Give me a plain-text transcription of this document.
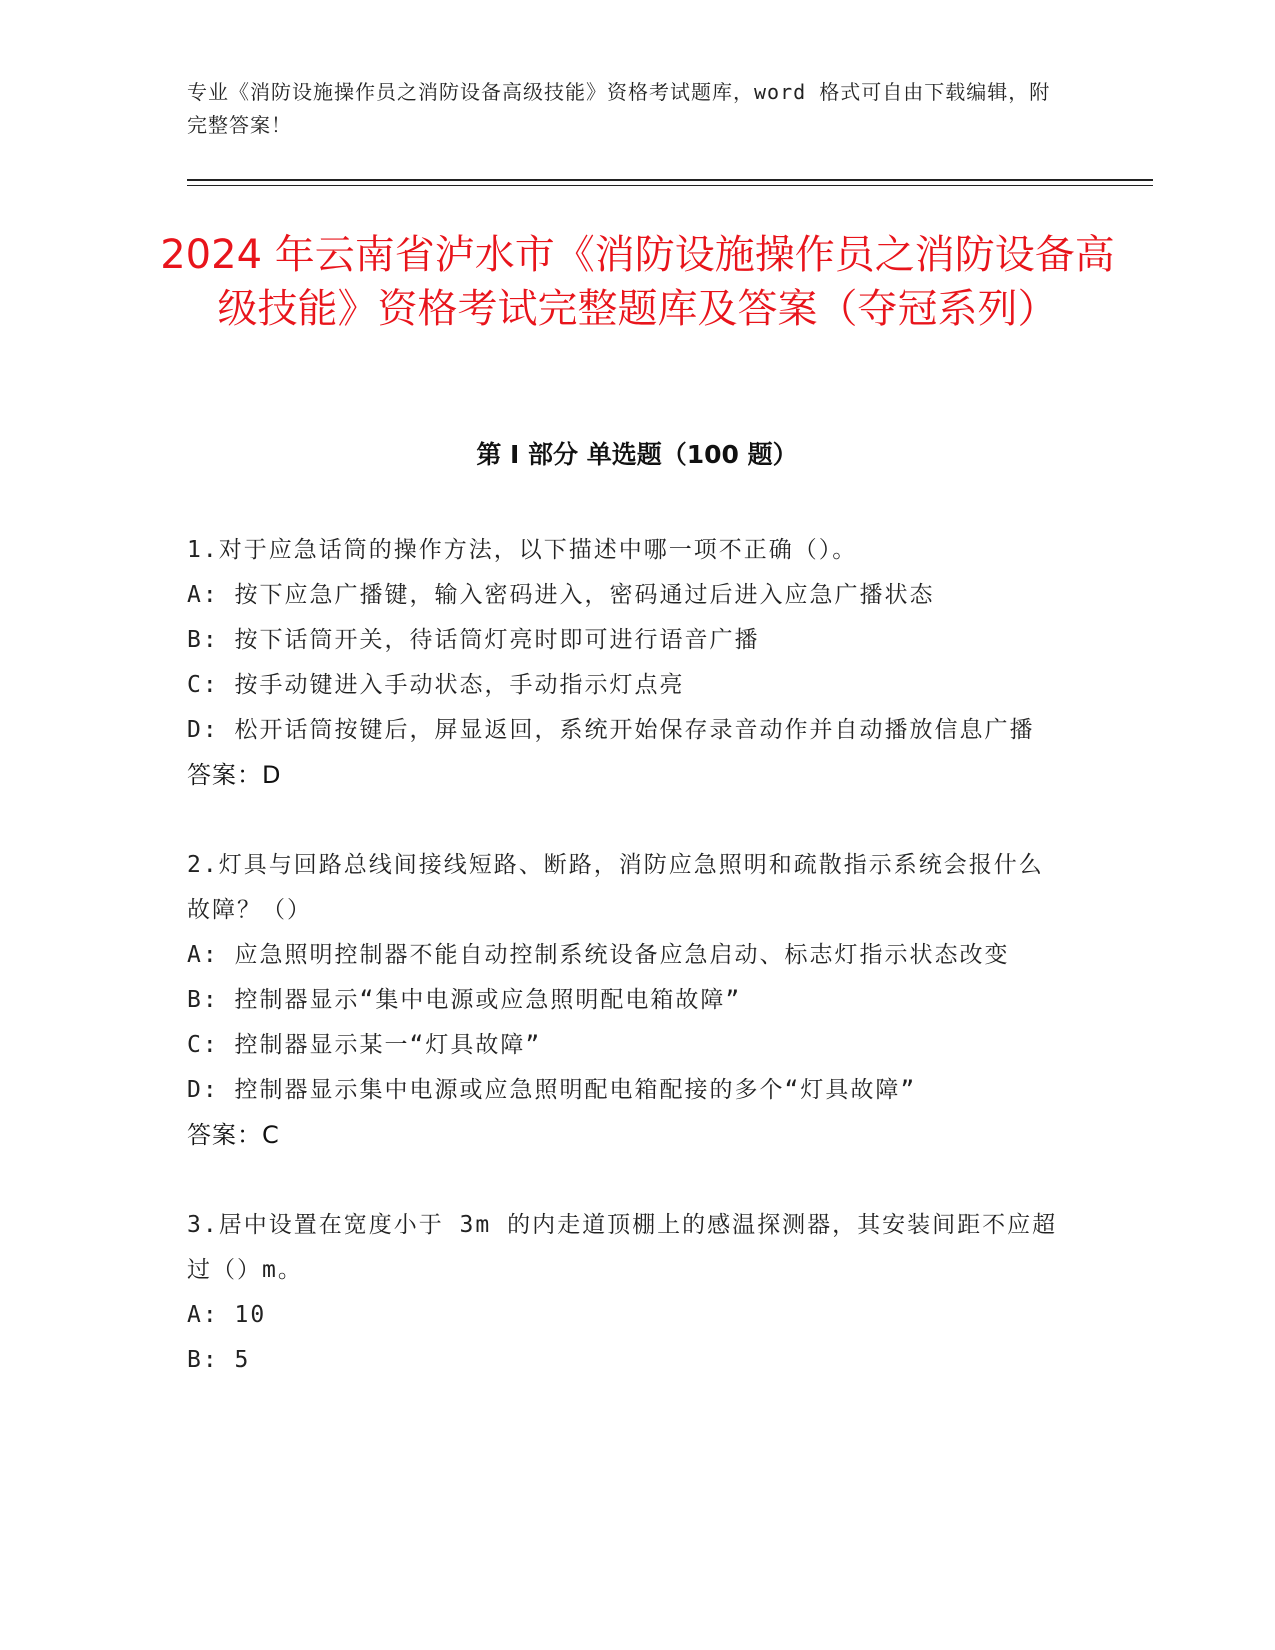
专业《消防设施操作员之消防设备高级技能》资格考试题库，word 格式可自由下载编辑，附完整答案！
2024 年云南省泸水市《消防设施操作员之消防设备高级技能》资格考试完整题库及答案（夺冠系列）
第 I 部分 单选题（100 题）

1.对于应急话筒的操作方法，以下描述中哪一项不正确（）。

A: 按下应急广播键，输入密码进入，密码通过后进入应急广播状态

B: 按下话筒开关，待话筒灯亮时即可进行语音广播

C: 按手动键进入手动状态，手动指示灯点亮

D: 松开话筒按键后，屏显返回，系统开始保存录音动作并自动播放信息广播

答案：D

2.灯具与回路总线间接线短路、断路，消防应急照明和疏散指示系统会报什么故障？（）

A: 应急照明控制器不能自动控制系统设备应急启动、标志灯指示状态改变

B: 控制器显示“集中电源或应急照明配电箱故障”

C: 控制器显示某一“灯具故障”

D: 控制器显示集中电源或应急照明配电箱配接的多个“灯具故障”

答案：C

3.居中设置在宽度小于 3m 的内走道顶棚上的感温探测器，其安装间距不应超过（）m。

A: 10

B: 5
